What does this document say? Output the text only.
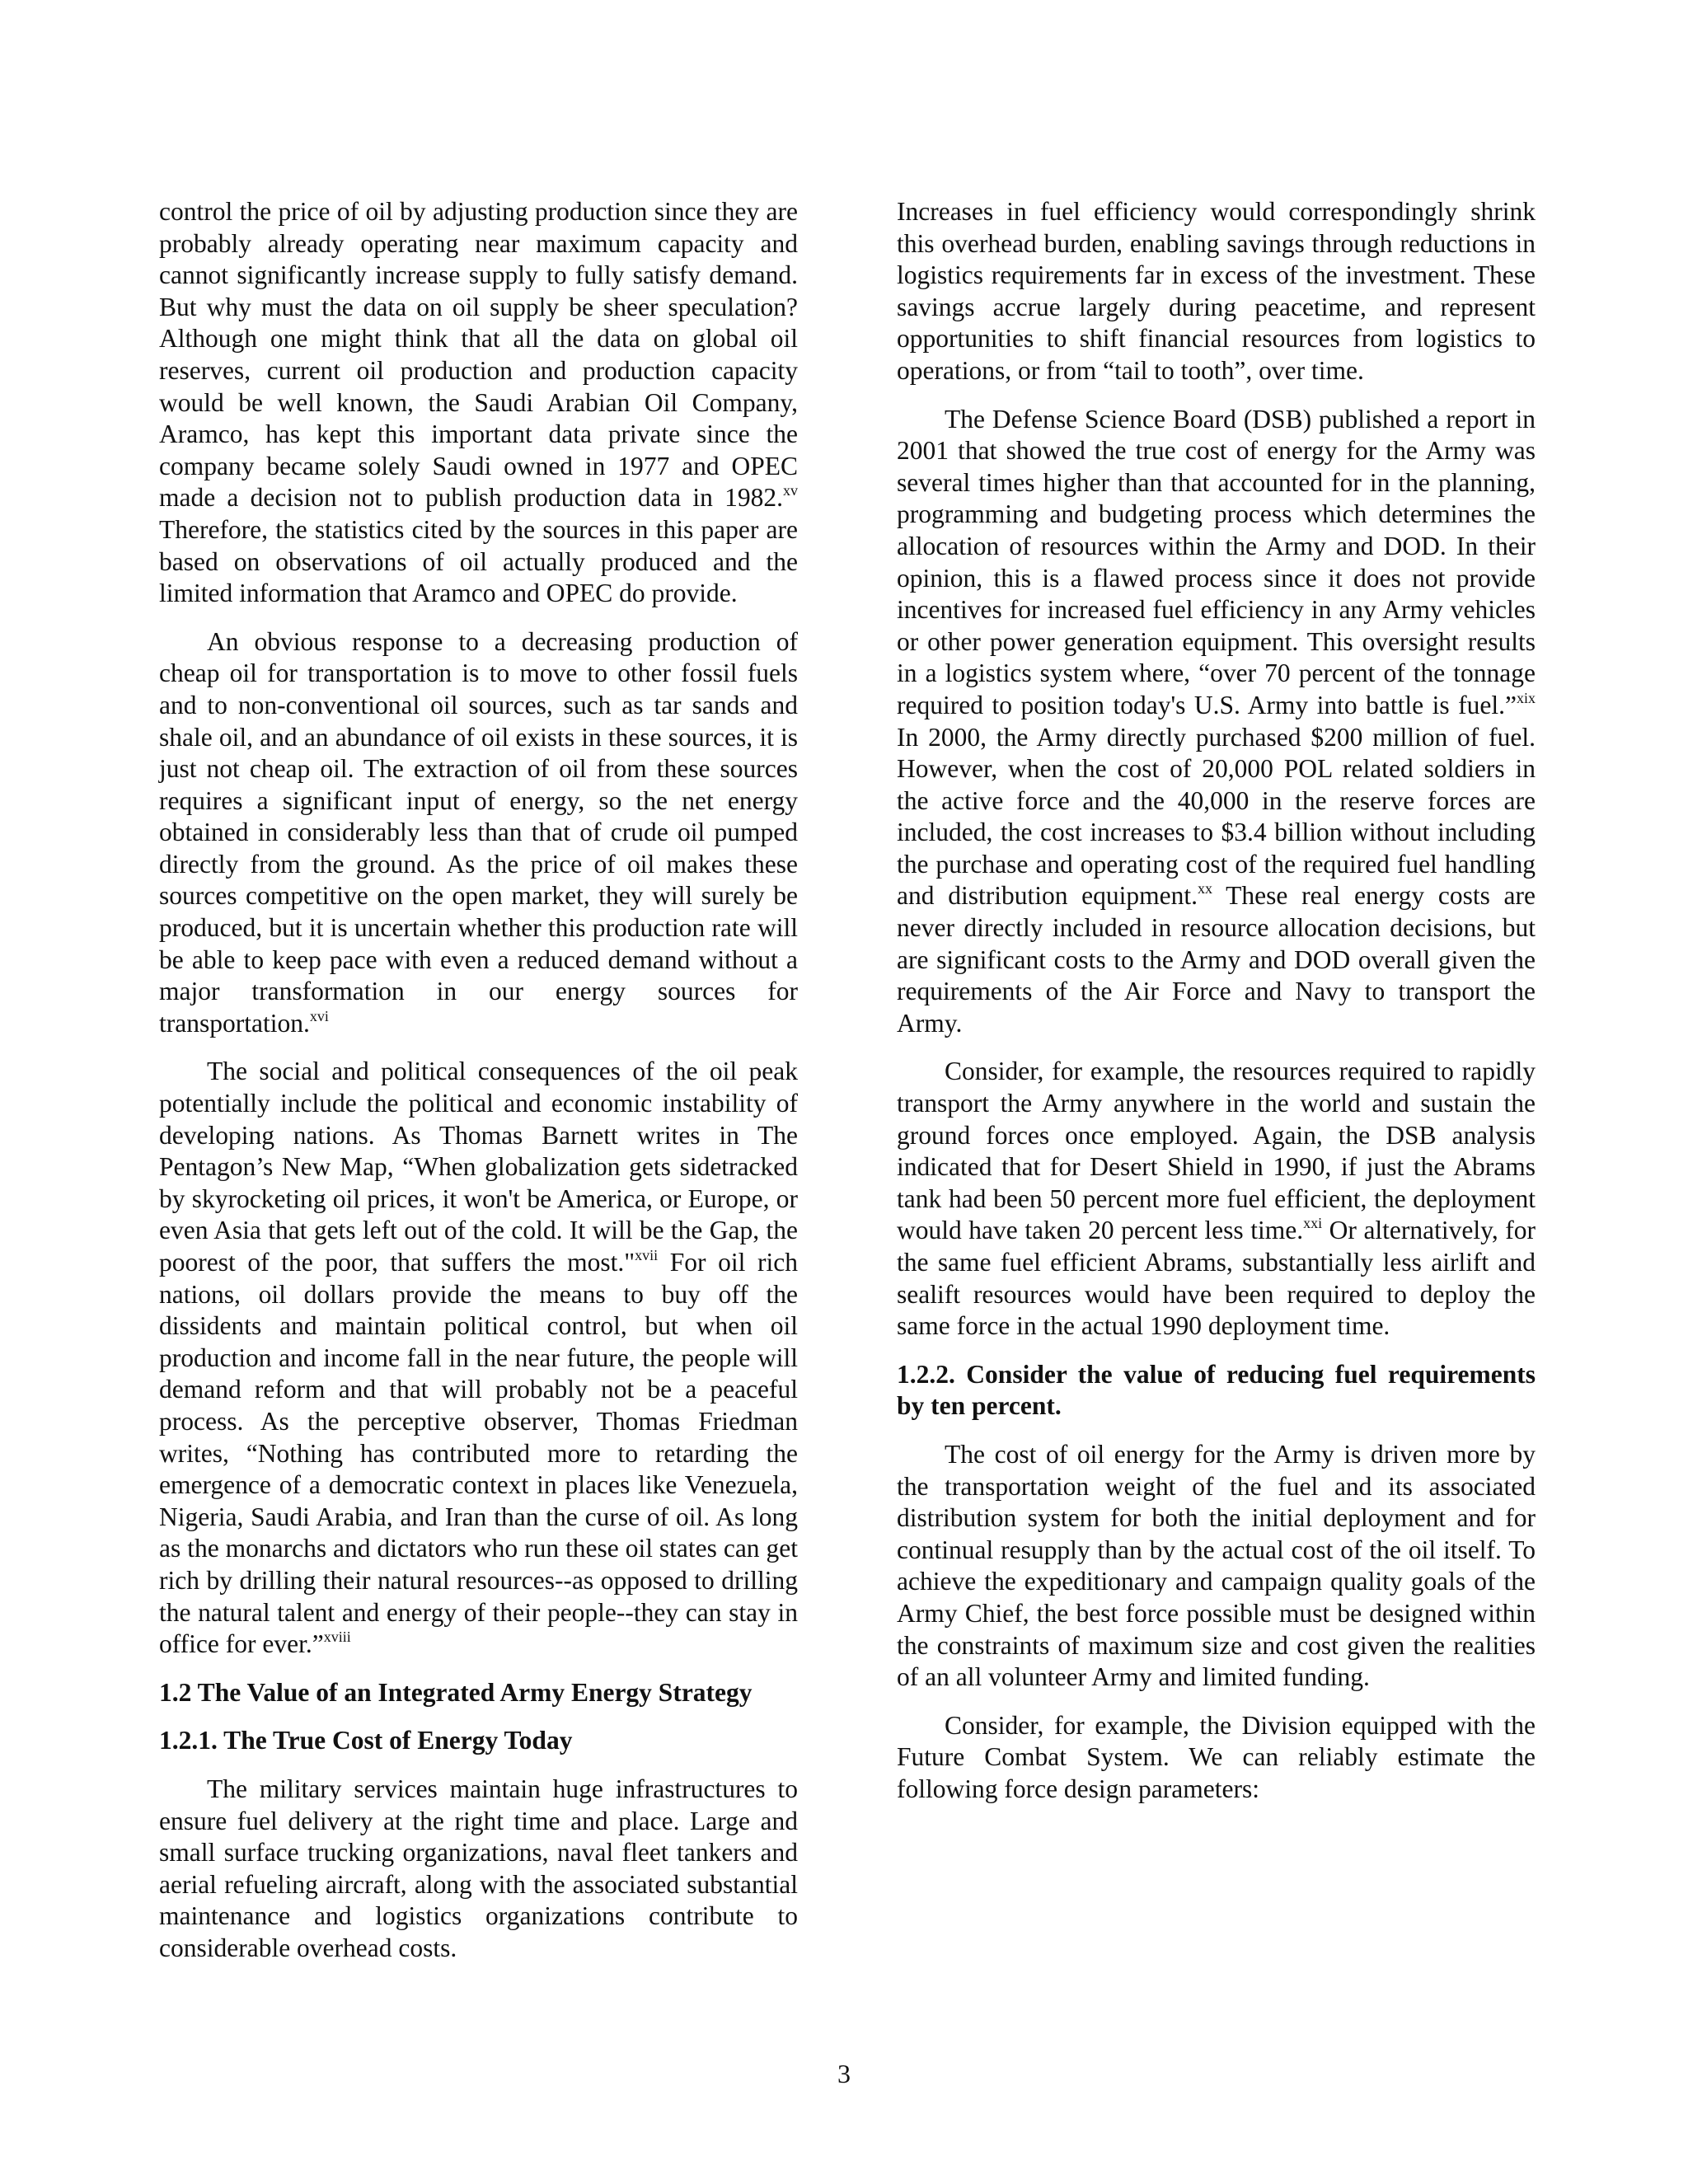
control the price of oil by adjusting production since they are probably already operating near maximum capacity and cannot significantly increase supply to fully satisfy demand. But why must the data on oil supply be sheer speculation? Although one might think that all the data on global oil reserves, current oil production and production capacity would be well known, the Saudi Arabian Oil Company, Aramco, has kept this important data private since the company became solely Saudi owned in 1977 and OPEC made a decision not to publish production data in 1982.$^{xv}$ Therefore, the statistics cited by the sources in this paper are based on observations of oil actually produced and the limited information that Aramco and OPEC do provide.

An obvious response to a decreasing production of cheap oil for transportation is to move to other fossil fuels and to non-conventional oil sources, such as tar sands and shale oil, and an abundance of oil exists in these sources, it is just not cheap oil. The extraction of oil from these sources requires a significant input of energy, so the net energy obtained in considerably less than that of crude oil pumped directly from the ground. As the price of oil makes these sources competitive on the open market, they will surely be produced, but it is uncertain whether this production rate will be able to keep pace with even a reduced demand without a major transformation in our energy sources for transportation.$^{xvi}$

The social and political consequences of the oil peak potentially include the political and economic instability of developing nations. As Thomas Barnett writes in The Pentagon’s New Map, “When globalization gets sidetracked by skyrocketing oil prices, it won't be America, or Europe, or even Asia that gets left out of the cold. It will be the Gap, the poorest of the poor, that suffers the most."$^{xvii}$ For oil rich nations, oil dollars provide the means to buy off the dissidents and maintain political control, but when oil production and income fall in the near future, the people will demand reform and that will probably not be a peaceful process. As the perceptive observer, Thomas Friedman writes, “Nothing has contributed more to retarding the emergence of a democratic context in places like Venezuela, Nigeria, Saudi Arabia, and Iran than the curse of oil. As long as the monarchs and dictators who run these oil states can get rich by drilling their natural resources--as opposed to drilling the natural talent and energy of their people--they can stay in office for ever.”$^{xviii}$

1.2 The Value of an Integrated Army Energy Strategy
1.2.1. The True Cost of Energy Today

The military services maintain huge infrastructures to ensure fuel delivery at the right time and place. Large and small surface trucking organizations, naval fleet tankers and aerial refueling aircraft, along with the associated substantial maintenance and logistics organizations contribute to considerable overhead costs.

Increases in fuel efficiency would correspondingly shrink this overhead burden, enabling savings through reductions in logistics requirements far in excess of the investment. These savings accrue largely during peacetime, and represent opportunities to shift financial resources from logistics to operations, or from “tail to tooth”, over time.

The Defense Science Board (DSB) published a report in 2001 that showed the true cost of energy for the Army was several times higher than that accounted for in the planning, programming and budgeting process which determines the allocation of resources within the Army and DOD. In their opinion, this is a flawed process since it does not provide incentives for increased fuel efficiency in any Army vehicles or other power generation equipment. This oversight results in a logistics system where, “over 70 percent of the tonnage required to position today's U.S. Army into battle is fuel.”$^{xix}$ In 2000, the Army directly purchased $200 million of fuel. However, when the cost of 20,000 POL related soldiers in the active force and the 40,000 in the reserve forces are included, the cost increases to $3.4 billion without including the purchase and operating cost of the required fuel handling and distribution equipment.$^{xx}$ These real energy costs are never directly included in resource allocation decisions, but are significant costs to the Army and DOD overall given the requirements of the Air Force and Navy to transport the Army.

Consider, for example, the resources required to rapidly transport the Army anywhere in the world and sustain the ground forces once employed. Again, the DSB analysis indicated that for Desert Shield in 1990, if just the Abrams tank had been 50 percent more fuel efficient, the deployment would have taken 20 percent less time.$^{xxi}$ Or alternatively, for the same fuel efficient Abrams, substantially less airlift and sealift resources would have been required to deploy the same force in the actual 1990 deployment time.

1.2.2. Consider the value of reducing fuel requirements by ten percent.

The cost of oil energy for the Army is driven more by the transportation weight of the fuel and its associated distribution system for both the initial deployment and for continual resupply than by the actual cost of the oil itself. To achieve the expeditionary and campaign quality goals of the Army Chief, the best force possible must be designed within the constraints of maximum size and cost given the realities of an all volunteer Army and limited funding.

Consider, for example, the Division equipped with the Future Combat System. We can reliably estimate the following force design parameters:

3
